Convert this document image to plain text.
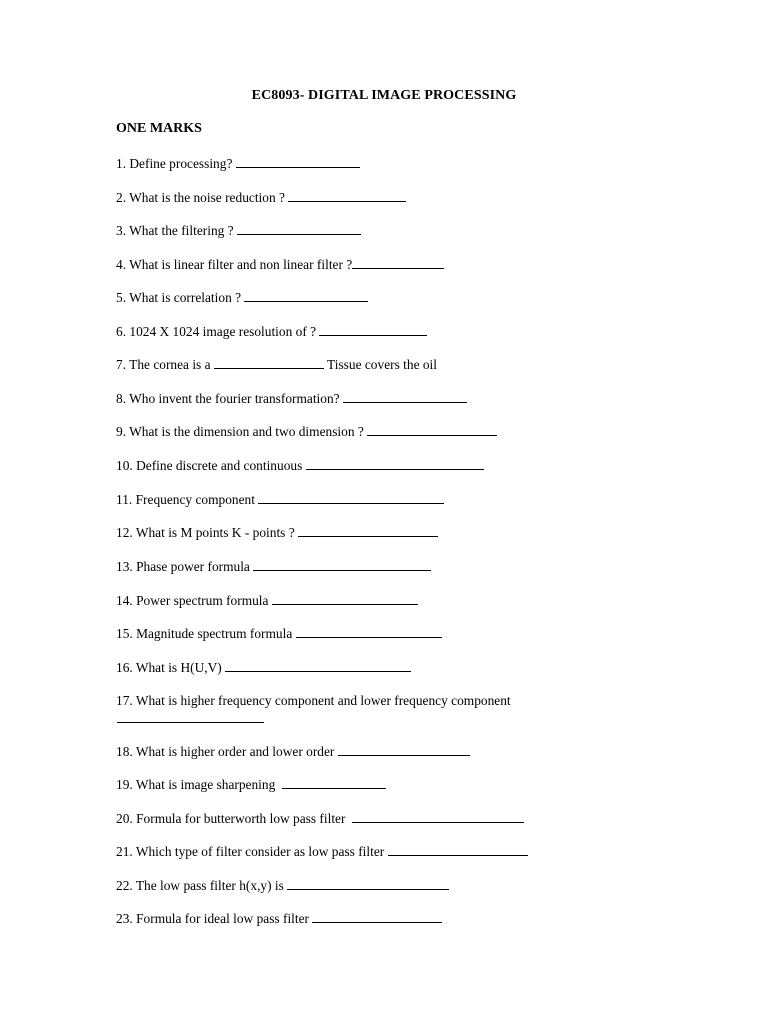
EC8093- DIGITAL IMAGE PROCESSING
ONE MARKS
1. Define processing?
2. What is the noise reduction ?
3. What the filtering ?
4. What is linear filter and non linear filter ?
5. What is correlation ?
6. 1024 X 1024 image resolution of ?
7. The cornea is a	Tissue covers the oil
8. Who invent the fourier transformation?
9. What is the dimension and two dimension ?
10. Define discrete and continuous
11. Frequency component
12. What is M points K - points ?
13. Phase power formula
14. Power spectrum formula
15. Magnitude spectrum formula
16. What is H(U,V)
17. What is higher frequency component and lower frequency component
18. What is higher order and lower order
19. What is image sharpening
20. Formula for butterworth low pass filter
21. Which type of filter consider as low pass filter
22. The low pass filter h(x,y) is
23. Formula for ideal low pass filter
